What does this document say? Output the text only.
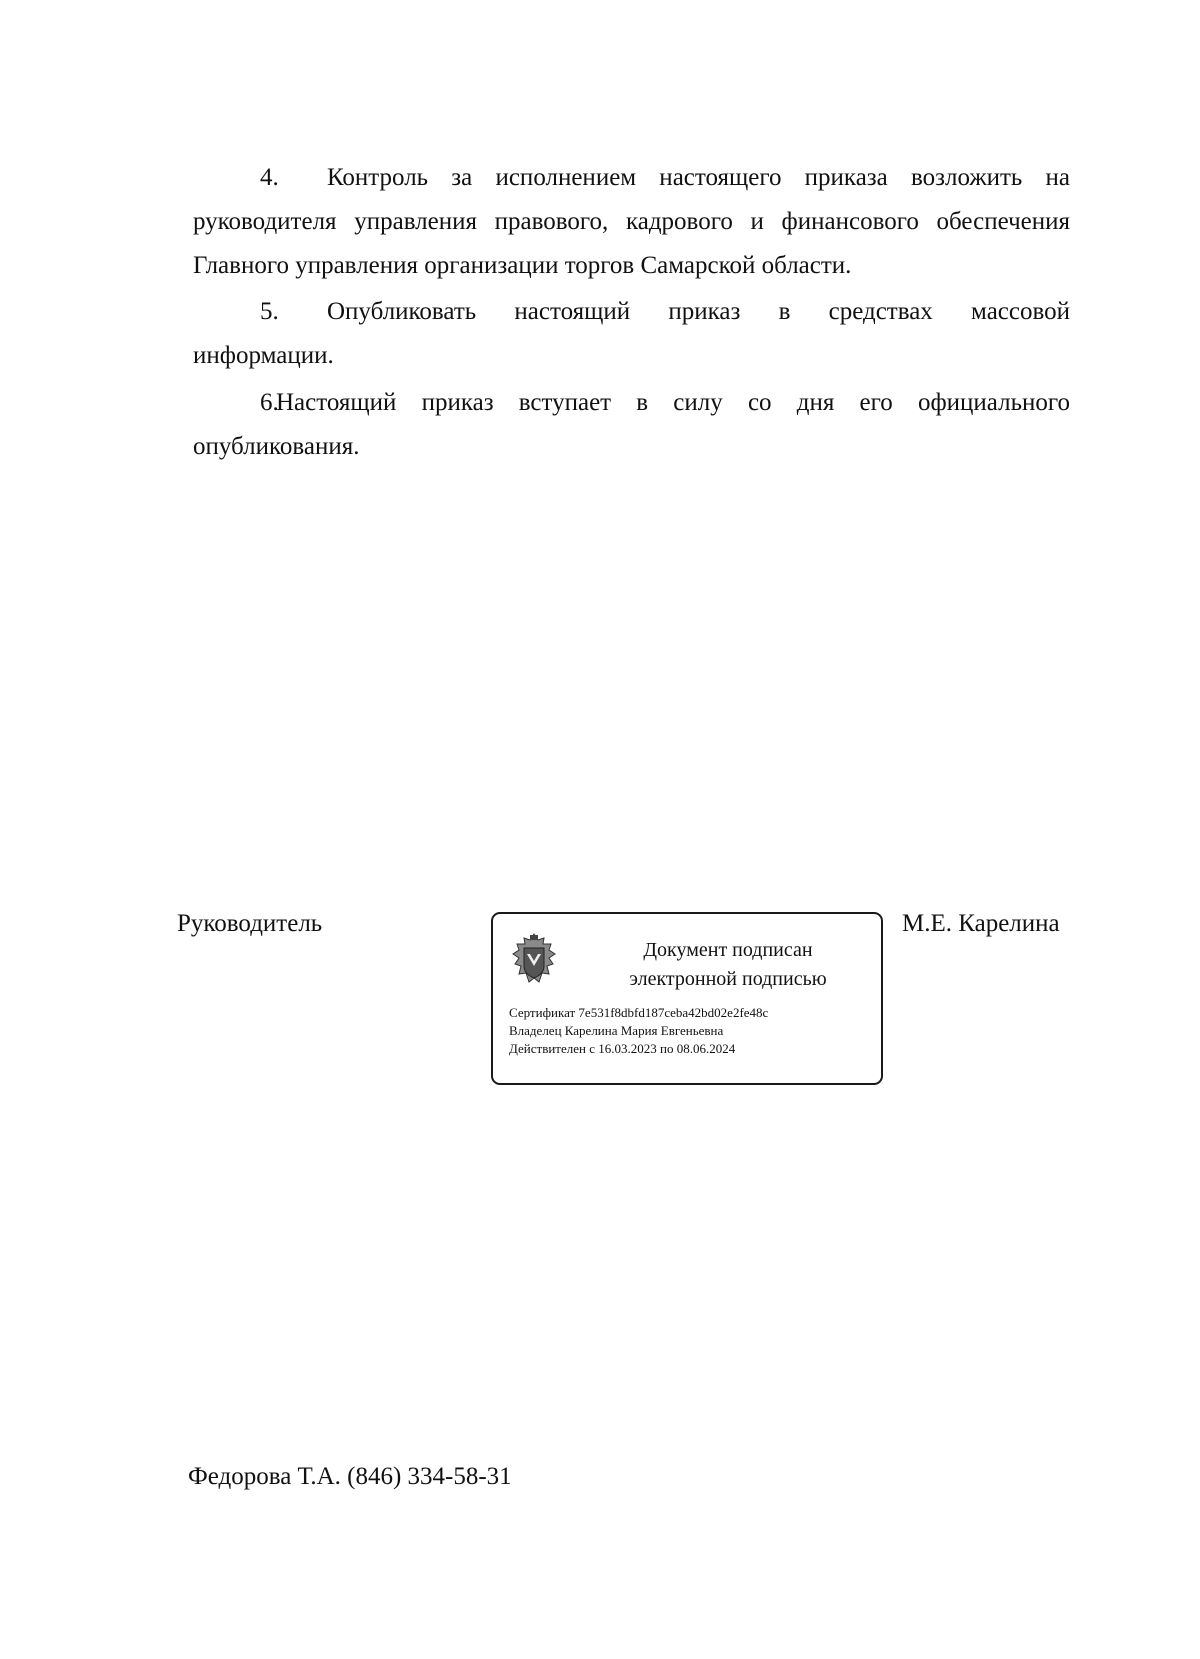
4. Контроль за исполнением настоящего приказа возложить на
руководителя управления правового, кадрового и финансового обеспечения
Главного управления организации торгов Самарской области.
5. Опубликовать настоящий приказ в средствах массовой
информации.
6.Настоящий приказ вступает в силу со дня его официального
опубликования.
Руководитель
Документ подписан
электронной подписью
Сертификат 7e531f8dbfd187ceba42bd02e2fe48c
Владелец Карелина Мария Евгеньевна
Действителен с 16.03.2023 по 08.06.2024
М.Е. Карелина
Федорова Т.А. (846) 334-58-31
